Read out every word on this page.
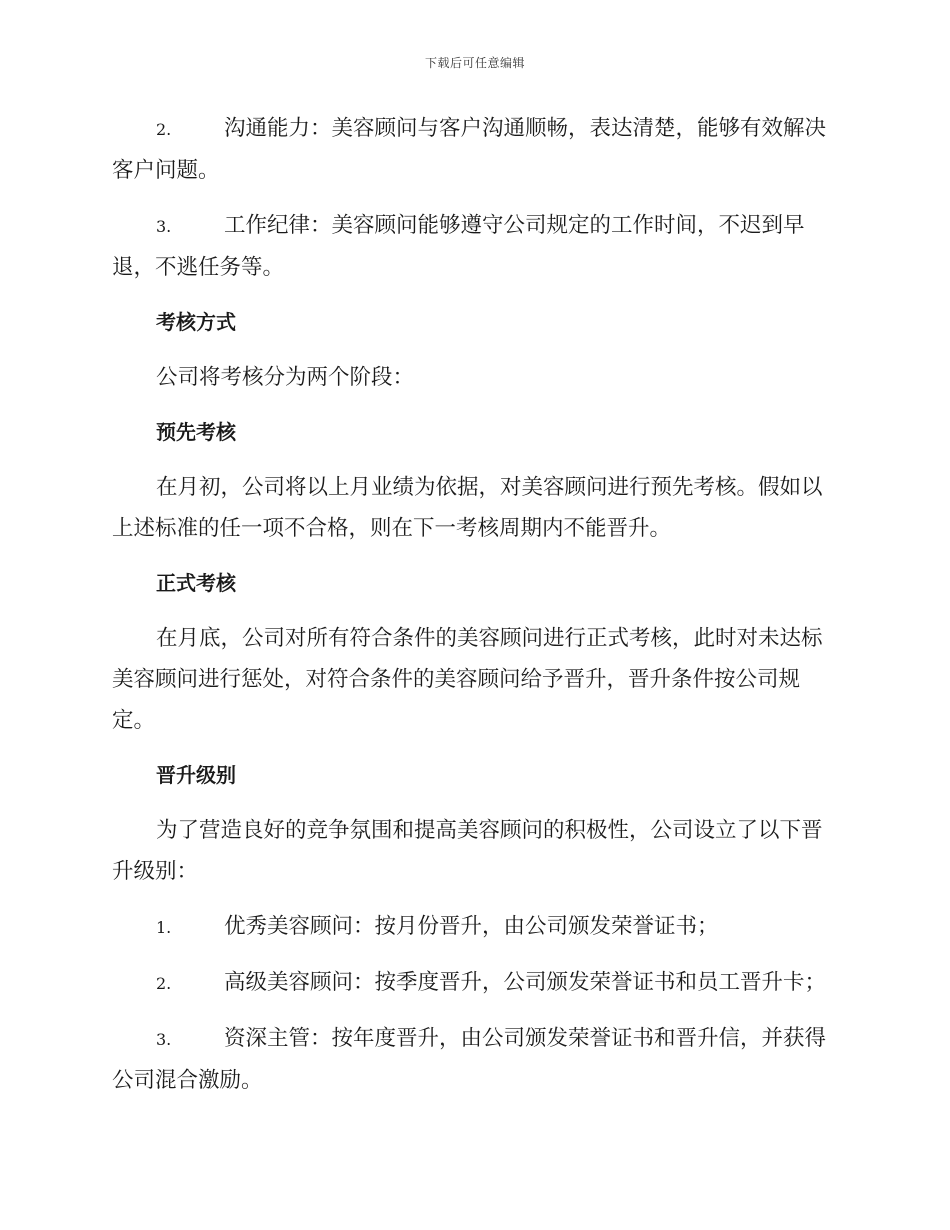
下载后可任意编辑

2. 沟通能力：美容顾问与客户沟通顺畅，表达清楚，能够有效解决客户问题。

3. 工作纪律：美容顾问能够遵守公司规定的工作时间，不迟到早退，不逃任务等。

考核方式

公司将考核分为两个阶段：

预先考核

在月初，公司将以上月业绩为依据，对美容顾问进行预先考核。假如以上述标准的任一项不合格，则在下一考核周期内不能晋升。

正式考核

在月底，公司对所有符合条件的美容顾问进行正式考核，此时对未达标美容顾问进行惩处，对符合条件的美容顾问给予晋升，晋升条件按公司规定。

晋升级别

为了营造良好的竞争氛围和提高美容顾问的积极性，公司设立了以下晋升级别：

1. 优秀美容顾问：按月份晋升，由公司颁发荣誉证书；

2. 高级美容顾问：按季度晋升，公司颁发荣誉证书和员工晋升卡；

3. 资深主管：按年度晋升，由公司颁发荣誉证书和晋升信，并获得公司混合激励。
